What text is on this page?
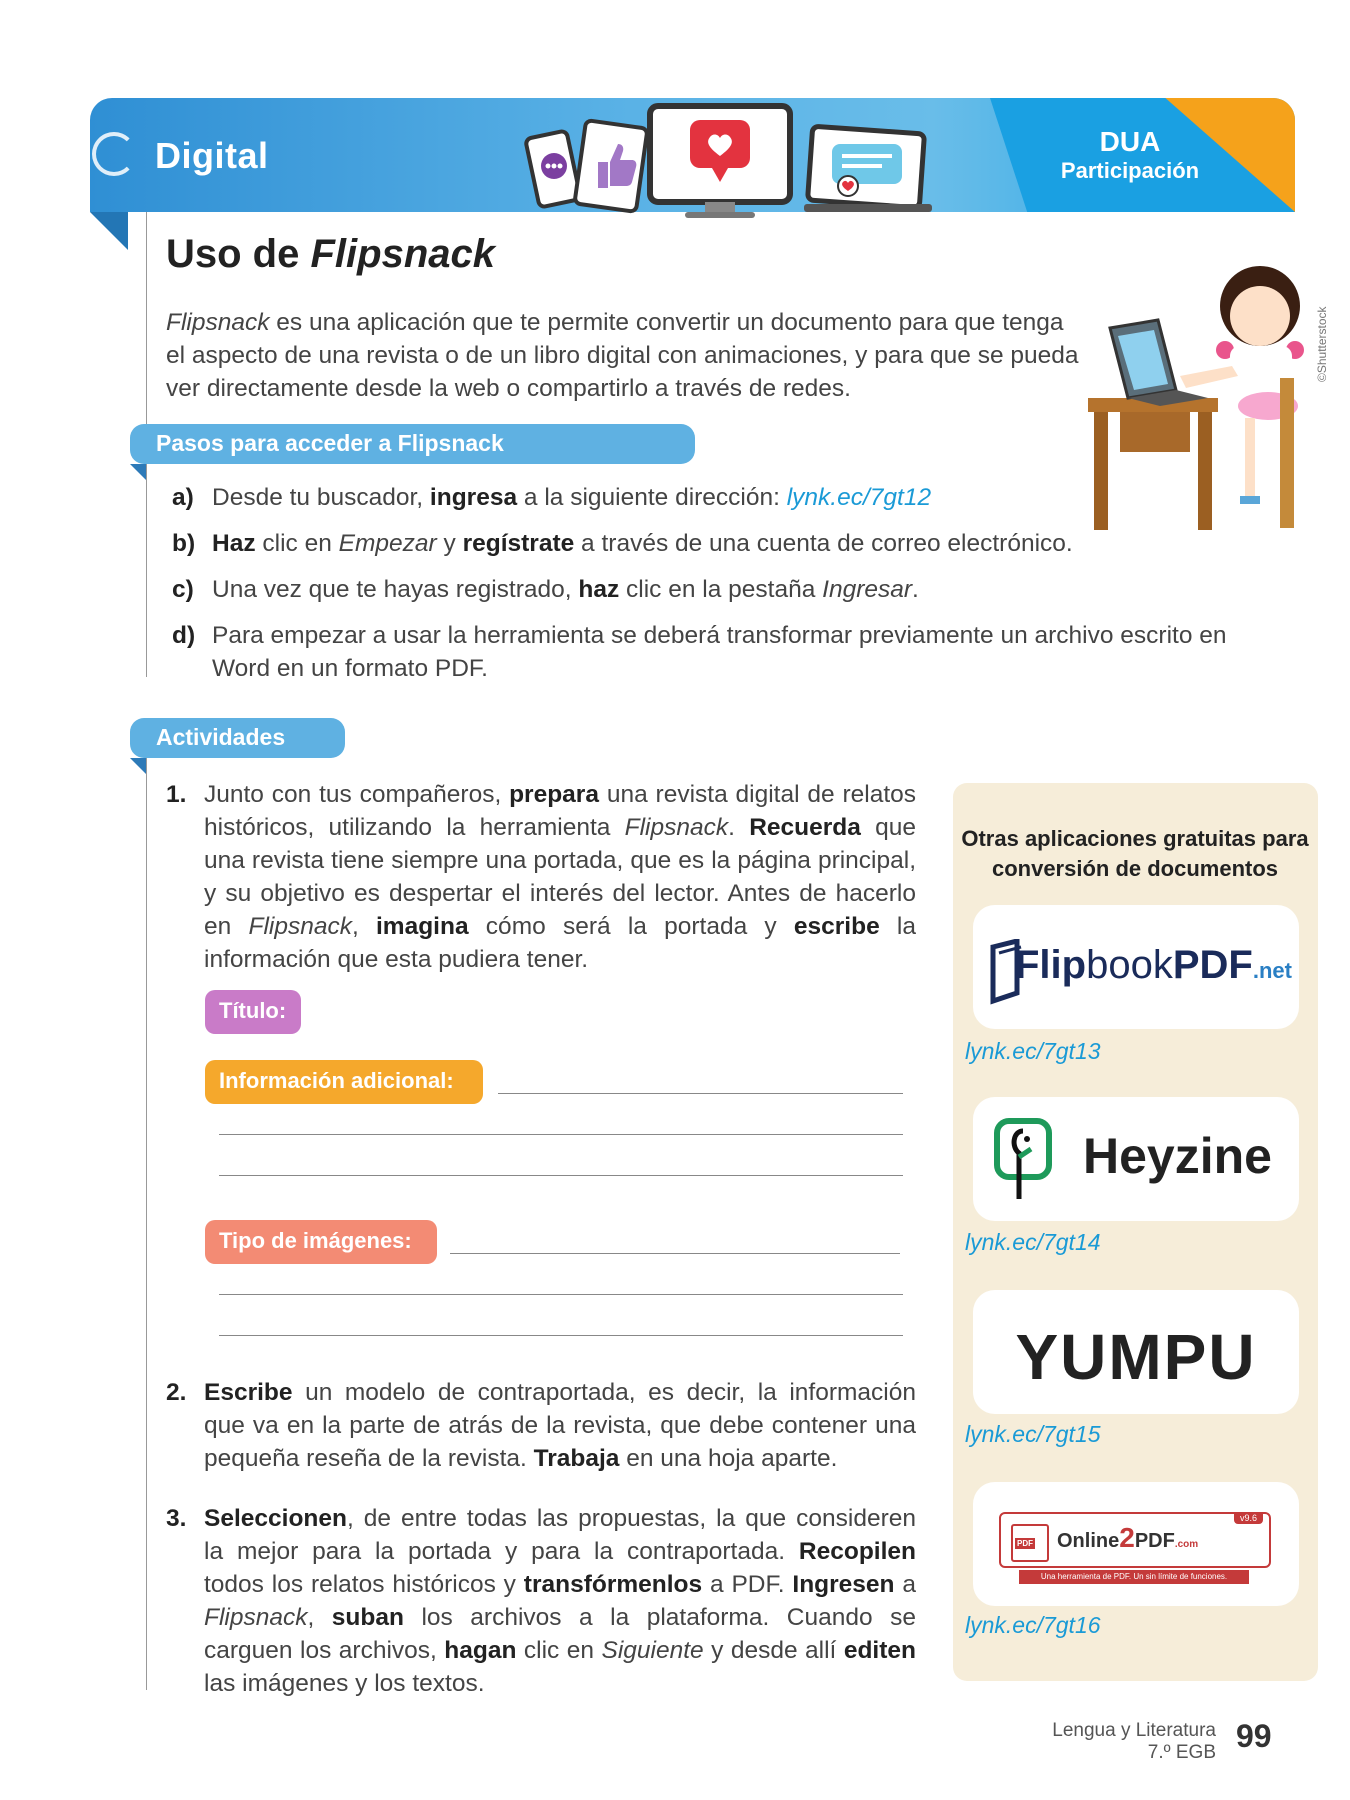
Digital	DUA
Participación
Uso de Flipsnack
Flipsnack es una aplicación que te permite convertir un documento para que tenga el aspecto de una revista o de un libro digital con animaciones, y para que se pueda ver directamente desde la web o compartirlo a través de redes.
©Shutterstock
Pasos para acceder a Flipsnack
a) Desde tu buscador, ingresa a la siguiente dirección: lynk.ec/7gt12
b) Haz clic en Empezar y regístrate a través de una cuenta de correo electrónico.
c) Una vez que te hayas registrado, haz clic en la pestaña Ingresar.
d) Para empezar a usar la herramienta se deberá transformar previamente un archivo escrito en Word en un formato PDF.
Actividades
1. Junto con tus compañeros, prepara una revista digital de relatos históricos, utilizando la herramienta Flipsnack. Recuerda que una revista tiene siempre una portada, que es la página principal, y su objetivo es despertar el interés del lector. Antes de hacerlo en Flipsnack, imagina cómo será la portada y escribe la información que esta pudiera tener.
Título:
Información adicional:
Tipo de imágenes:
2. Escribe un modelo de contraportada, es decir, la información que va en la parte de atrás de la revista, que debe contener una pequeña reseña de la revista. Trabaja en una hoja aparte.
3. Seleccionen, de entre todas las propuestas, la que consideren la mejor para la portada y para la contraportada. Recopilen todos los relatos históricos y transfórmenlos a PDF. Ingresen a Flipsnack, suban los archivos a la plataforma. Cuando se carguen los archivos, hagan clic en Siguiente y desde allí editen las imágenes y los textos.
Otras aplicaciones gratuitas para conversión de documentos
FlipbookPDF.net
lynk.ec/7gt13
Heyzine
lynk.ec/7gt14
YUMPU
lynk.ec/7gt15
PDF Online2PDF.com
v9.6
Una herramienta de PDF. Un sin límite de funciones.
lynk.ec/7gt16
Lengua y Literatura
7.º EGB 99
